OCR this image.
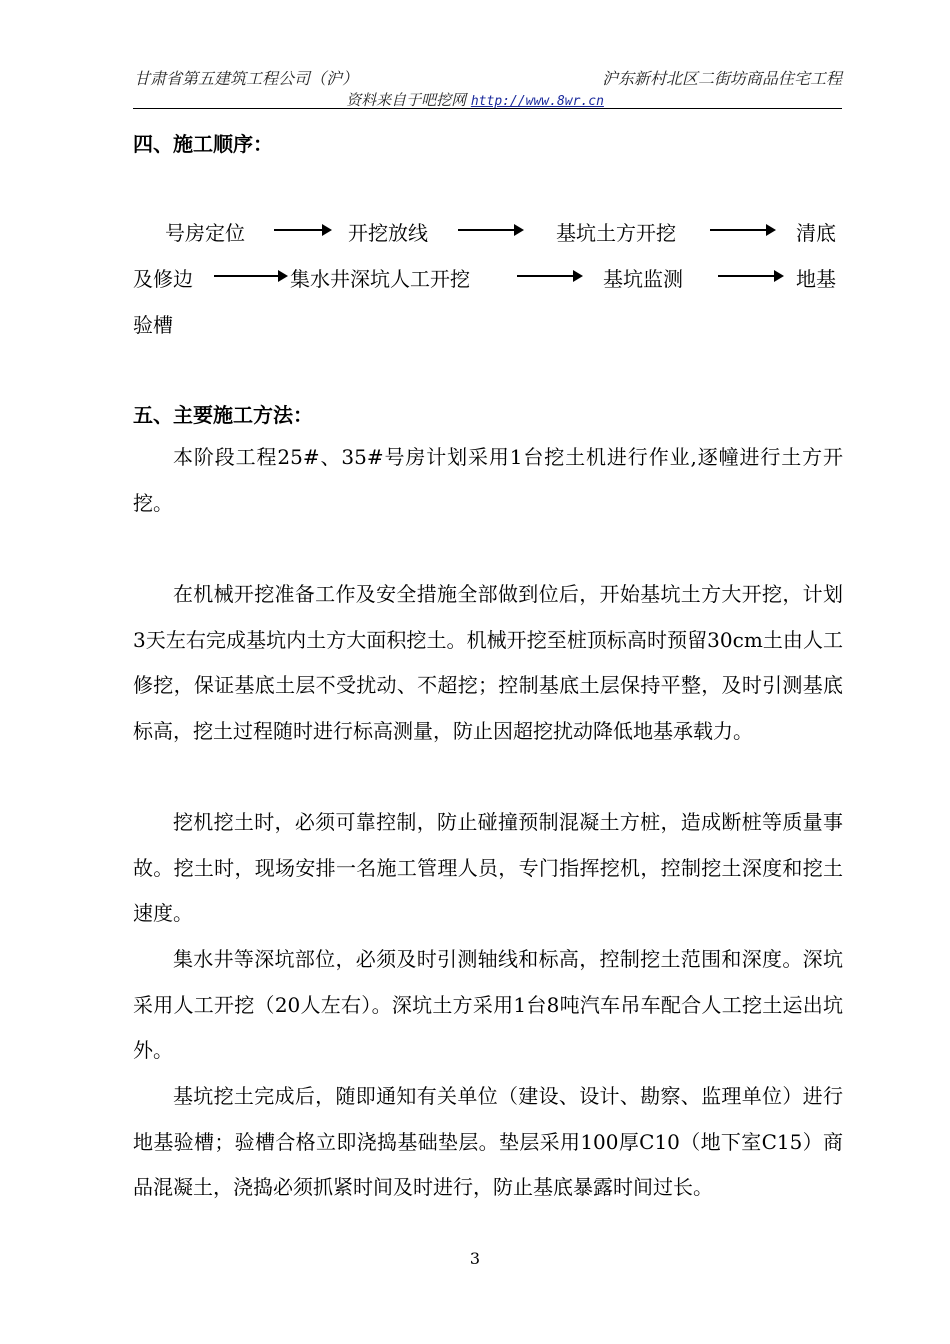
甘肃省第五建筑工程公司（沪）	沪东新村北区二街坊商品住宅工程
资料来自于吧挖网 http://www.8wr.cn
四、施工顺序：
号房定位	开挖放线	基坑土方开挖	清底
及修边	集水井深坑人工开挖	基坑监测	地基
验槽
五、主要施工方法：

本阶段工程25#、35#号房计划采用1台挖土机进行作业,逐幢进行土方开挖。

在机械开挖准备工作及安全措施全部做到位后，开始基坑土方大开挖，计划3天左右完成基坑内土方大面积挖土。机械开挖至桩顶标高时预留30cm土由人工修挖，保证基底土层不受扰动、不超挖；控制基底土层保持平整，及时引测基底标高，挖土过程随时进行标高测量，防止因超挖扰动降低地基承载力。

挖机挖土时，必须可靠控制，防止碰撞预制混凝土方桩，造成断桩等质量事故。挖土时，现场安排一名施工管理人员，专门指挥挖机，控制挖土深度和挖土速度。

集水井等深坑部位，必须及时引测轴线和标高，控制挖土范围和深度。深坑采用人工开挖（20人左右）。深坑土方采用1台8吨汽车吊车配合人工挖土运出坑外。

基坑挖土完成后，随即通知有关单位（建设、设计、勘察、监理单位）进行地基验槽；验槽合格立即浇捣基础垫层。垫层采用100厚C10（地下室C15）商品混凝土，浇捣必须抓紧时间及时进行，防止基底暴露时间过长。

3
